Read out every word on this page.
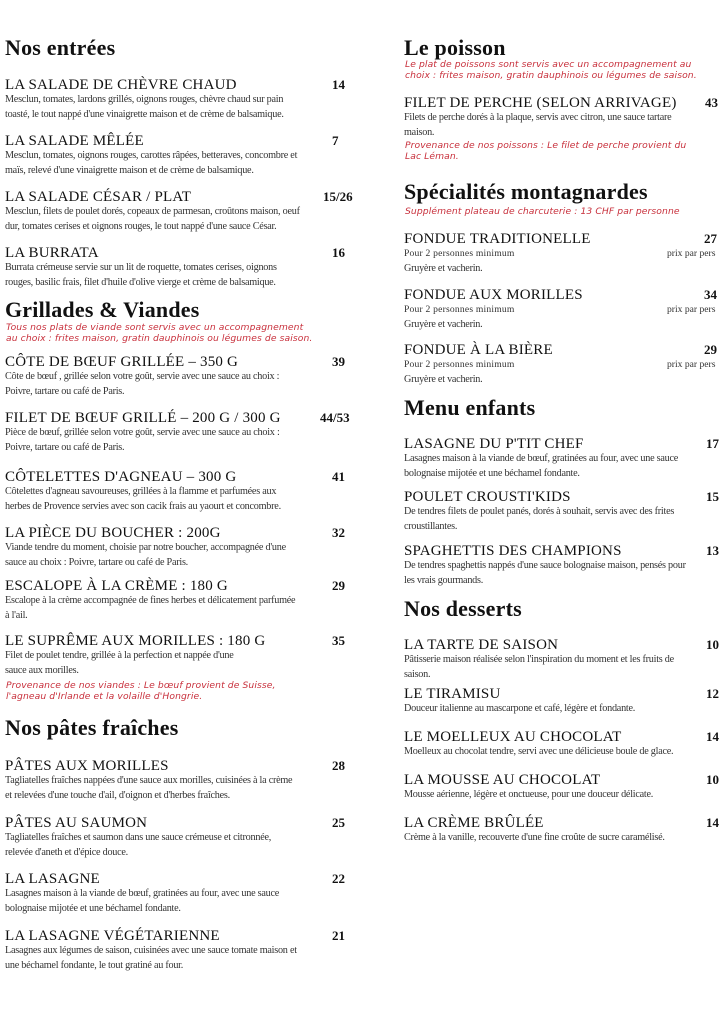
Nos entrées
LA SALADE DE CHÈVRE CHAUD	14
Mesclun, tomates, lardons grillés, oignons rouges, chèvre chaud sur pain
toasté, le tout nappé d'une vinaigrette maison et de crème de balsamique.
LA SALADE MÊLÉE	7
Mesclun, tomates, oignons rouges, carottes râpées, betteraves, concombre et
maïs, relevé d'une vinaigrette maison et de crème de balsamique.
LA SALADE CÉSAR / PLAT	15/26
Mesclun, filets de poulet dorés, copeaux de parmesan, croûtons maison, oeuf
dur, tomates cerises et oignons rouges, le tout nappé d'une sauce César.
LA BURRATA	16
Burrata crémeuse servie sur un lit de roquette, tomates cerises, oignons
rouges, basilic frais, filet d'huile d'olive vierge et crème de balsamique.
Grillades & Viandes
Tous nos plats de viande sont servis avec un accompagnement
au choix : frites maison, gratin dauphinois ou légumes de saison.
Provenance de nos viandes : Le bœuf provient de Suisse,
l'agneau d'Irlande et la volaille d'Hongrie.
CÔTE DE BŒUF GRILLÉE – 350 G	39
Côte de bœuf , grillée selon votre goût, servie avec une sauce au choix :
Poivre, tartare ou café de Paris.
FILET DE BŒUF GRILLÉ – 200 G / 300 G	44/53
Pièce de bœuf, grillée selon votre goût, servie avec une sauce au choix :
Poivre, tartare ou café de Paris.
CÔTELETTES D'AGNEAU – 300 G	41
Côtelettes d'agneau savoureuses, grillées à la flamme et parfumées aux
herbes de Provence servies avec son cacik frais au yaourt et concombre.
LA PIÈCE DU BOUCHER : 200G	32
Viande tendre du moment, choisie par notre boucher, accompagnée d'une
sauce au choix : Poivre, tartare ou café de Paris.
ESCALOPE À LA CRÈME : 180 G	29
Escalope à la crème accompagnée de fines herbes et délicatement parfumée
à l'ail.
LE SUPRÊME AUX MORILLES : 180 G	35
Filet de poulet tendre, grillée à la perfection et nappée d'une
sauce aux morilles.
Nos pâtes fraîches
PÂTES AUX MORILLES	28
Tagliatelles fraîches nappées d'une sauce aux morilles, cuisinées à la crème
et relevées d'une touche d'ail, d'oignon et d'herbes fraîches.
PÂTES AU SAUMON	25
Tagliatelles fraîches et saumon dans une sauce crémeuse et citronnée,
relevée d'aneth et d'épice douce.
LA LASAGNE	22
Lasagnes maison à la viande de bœuf, gratinées au four, avec une sauce
bolognaise mijotée et une béchamel fondante.
LA LASAGNE VÉGÉTARIENNE	21
Lasagnes aux légumes de saison, cuisinées avec une sauce tomate maison et
une béchamel fondante, le tout gratiné au four.
Le poisson
Le plat de poissons sont servis avec un accompagnement au
choix : frites maison, gratin dauphinois ou légumes de saison.
Provenance de nos poissons : Le filet de perche provient du
Lac Léman.
FILET DE PERCHE (SELON ARRIVAGE) 43
Filets de perche dorés à la plaque, servis avec citron, une sauce tartare
maison.
Spécialités montagnardes
Supplément plateau de charcuterie : 13 CHF par personne
FONDUE TRADITIONELLE	27
prix par pers
Pour 2 personnes minimum
Gruyère et vacherin.
FONDUE AUX MORILLES	34
prix par pers
Pour 2 personnes minimum
Gruyère et vacherin.
FONDUE À LA BIÈRE	29
prix par pers
Pour 2 personnes minimum
Gruyère et vacherin.
Menu enfants
LASAGNE DU P'TIT CHEF	17
Lasagnes maison à la viande de bœuf, gratinées au four, avec une sauce
bolognaise mijotée et une béchamel fondante.
POULET CROUSTI'KIDS	15
De tendres filets de poulet panés, dorés à souhait, servis avec des frites
croustillantes.
SPAGHETTIS DES CHAMPIONS	13
De tendres spaghettis nappés d'une sauce bolognaise maison, pensés pour
les vrais gourmands.
Nos desserts
LA TARTE DE SAISON	10
Pâtisserie maison réalisée selon l'inspiration du moment et les fruits de
saison.
LE TIRAMISU	12
Douceur italienne au mascarpone et café, légère et fondante.
LE MOELLEUX AU CHOCOLAT	14
Moelleux au chocolat tendre, servi avec une délicieuse boule de glace.
LA MOUSSE AU CHOCOLAT	10
Mousse aérienne, légère et onctueuse, pour une douceur délicate.
LA CRÈME BRÛLÉE	14
Crème à la vanille, recouverte d'une fine croûte de sucre caramélisé.
